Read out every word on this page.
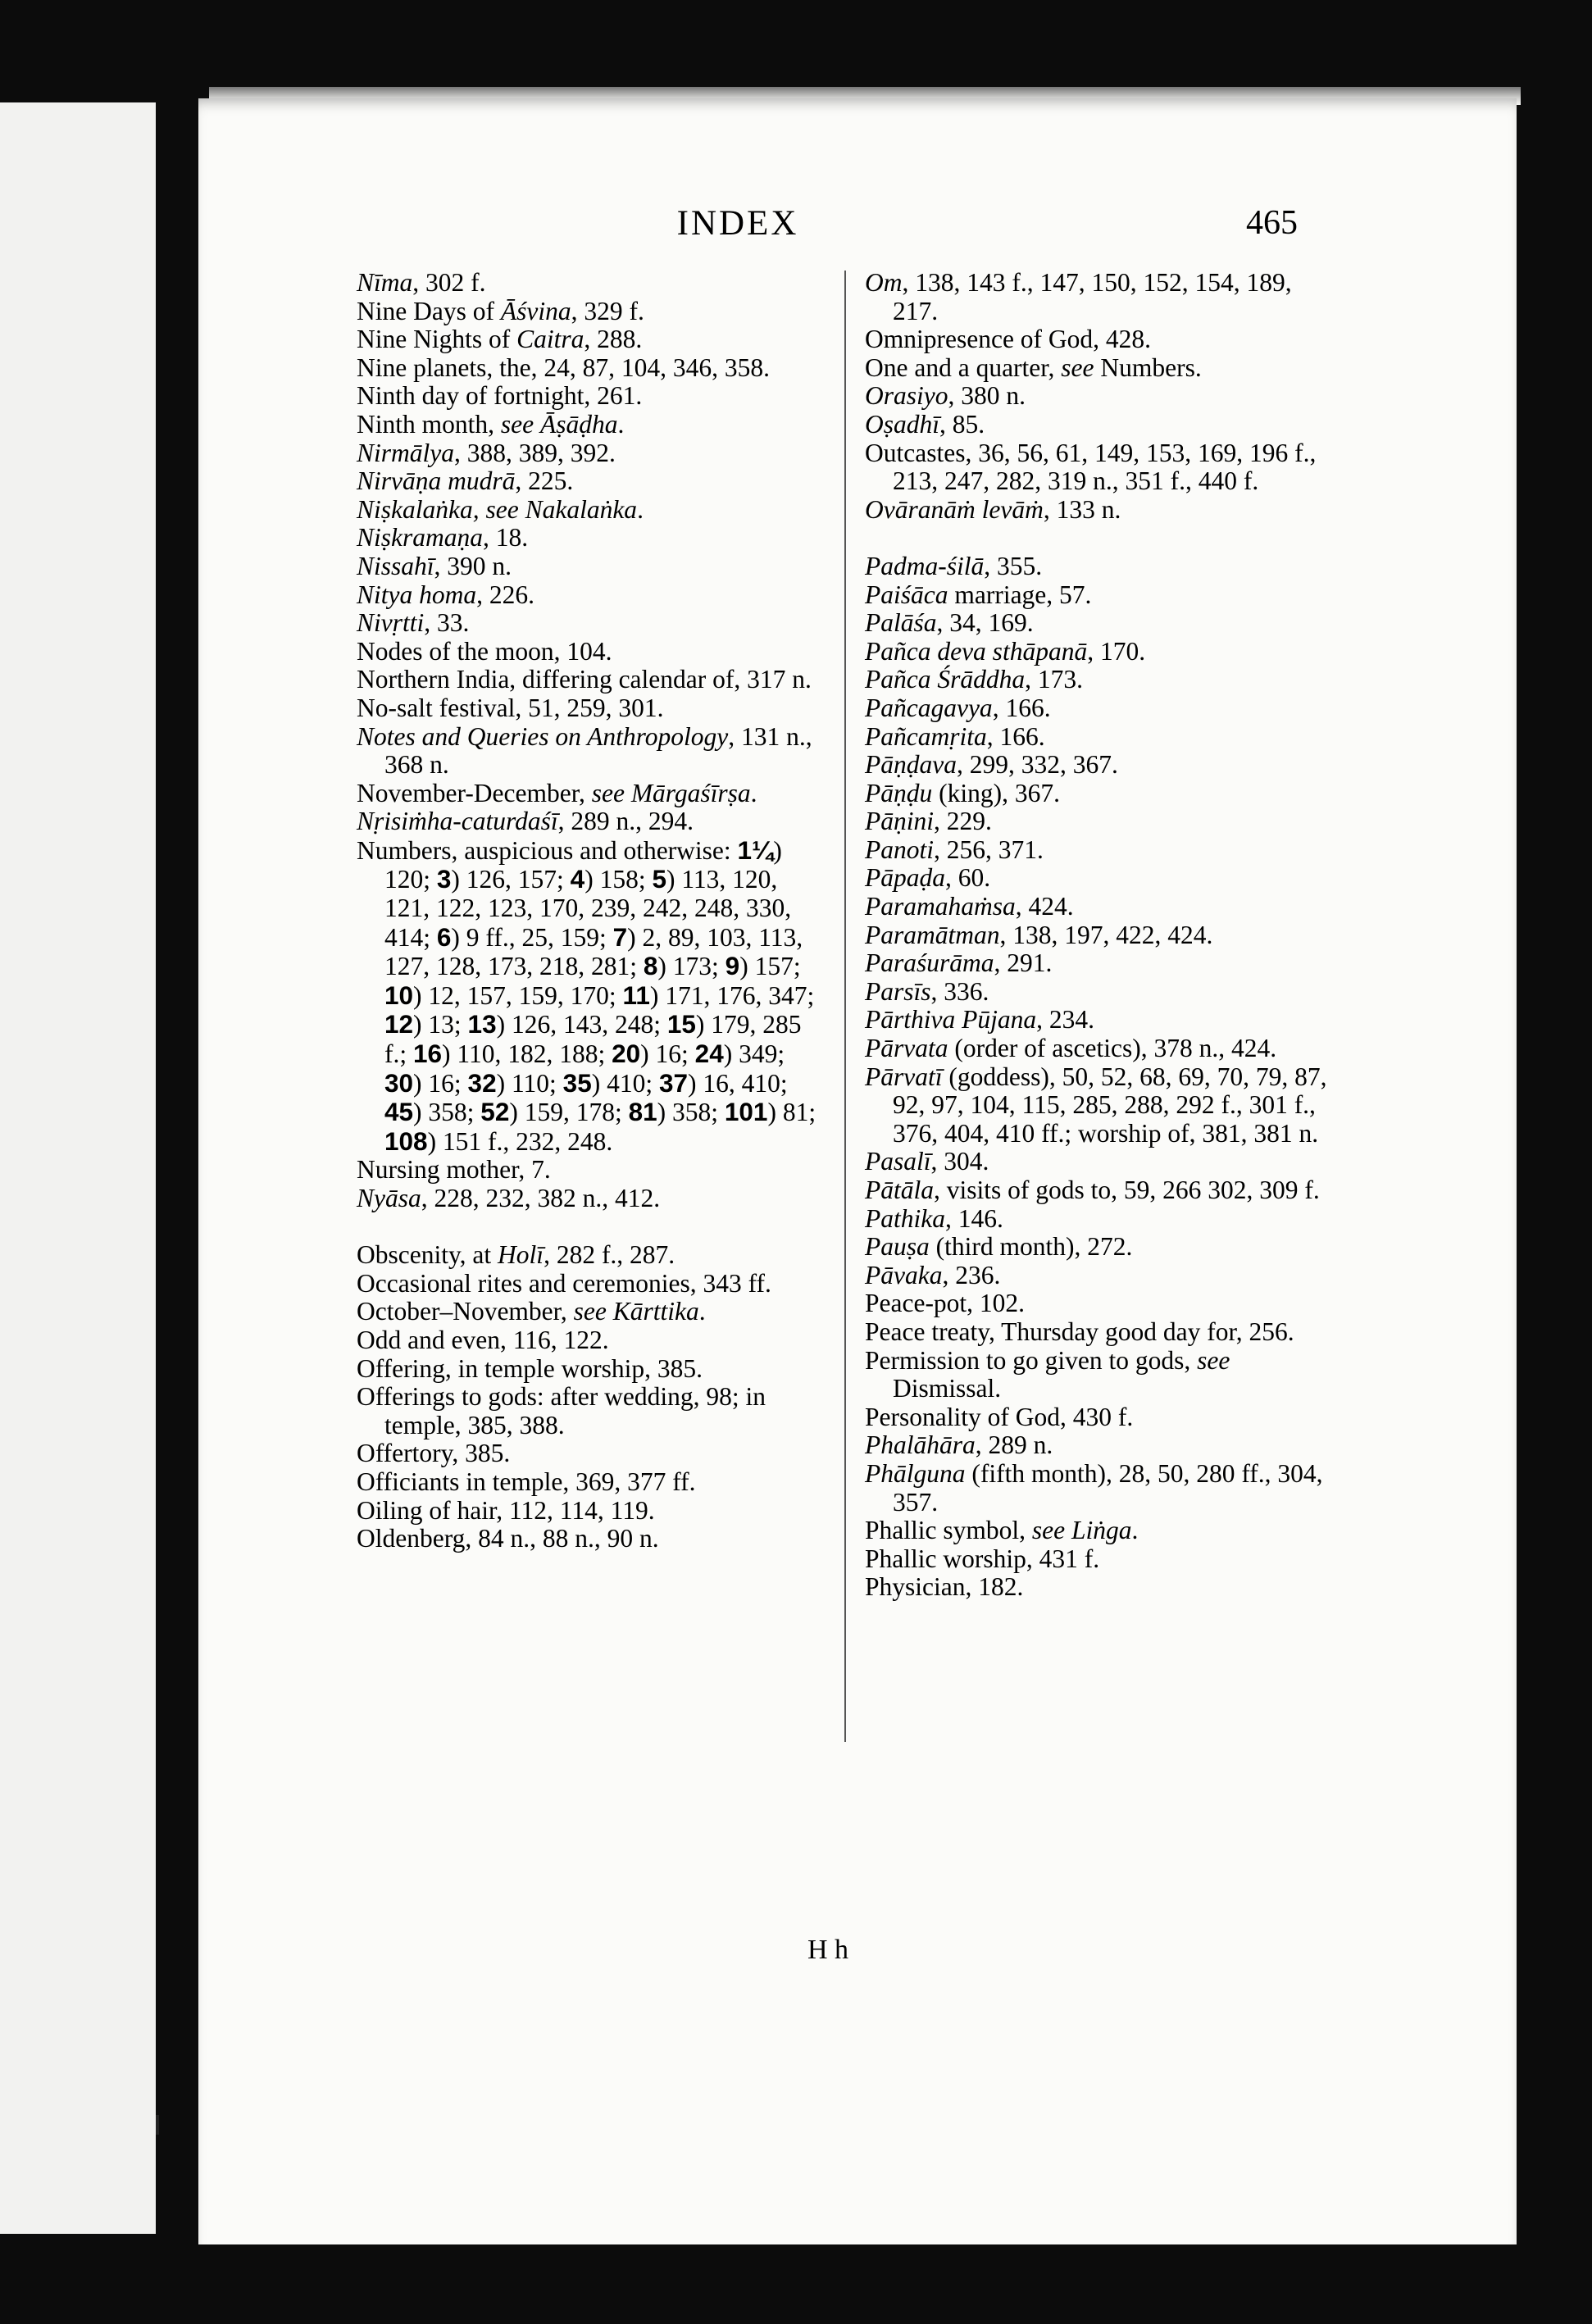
INDEX	465
Nīma, 302 f.
Nine Days of Āśvina, 329 f.
Nine Nights of Caitra, 288.
Nine planets, the, 24, 87, 104, 346, 358.
Ninth day of fortnight, 261.
Ninth month, see Āṣāḍha.
Nirmālya, 388, 389, 392.
Nirvāṇa mudrā, 225.
Niṣkalaṅka, see Nakalaṅka.
Niṣkramaṇa, 18.
Nissahī, 390 n.
Nitya homa, 226.
Nivṛtti, 33.
Nodes of the moon, 104.
Northern India, differing calendar of, 317 n.
No-salt festival, 51, 259, 301.
Notes and Queries on Anthropology, 131 n., 368 n.
November-December, see Mārgaśīrṣa.
Nṛisiṁha-caturdaśī, 289 n., 294.
Numbers, auspicious and otherwise: 1¼) 120; 3) 126, 157; 4) 158; 5) 113, 120, 121, 122, 123, 170, 239, 242, 248, 330, 414; 6) 9 ff., 25, 159; 7) 2, 89, 103, 113, 127, 128, 173, 218, 281; 8) 173; 9) 157; 10) 12, 157, 159, 170; 11) 171, 176, 347; 12) 13; 13) 126, 143, 248; 15) 179, 285 f.; 16) 110, 182, 188; 20) 16; 24) 349; 30) 16; 32) 110; 35) 410; 37) 16, 410; 45) 358; 52) 159, 178; 81) 358; 101) 81; 108) 151 f., 232, 248.
Nursing mother, 7.
Nyāsa, 228, 232, 382 n., 412.
Obscenity, at Holī, 282 f., 287.
Occasional rites and ceremonies, 343 ff.
October–November, see Kārttika.
Odd and even, 116, 122.
Offering, in temple worship, 385.
Offerings to gods: after wedding, 98; in temple, 385, 388.
Offertory, 385.
Officiants in temple, 369, 377 ff.
Oiling of hair, 112, 114, 119.
Oldenberg, 84 n., 88 n., 90 n.
Om, 138, 143 f., 147, 150, 152, 154, 189, 217.
Omnipresence of God, 428.
One and a quarter, see Numbers.
Orasiyo, 380 n.
Oṣadhī, 85.
Outcastes, 36, 56, 61, 149, 153, 169, 196 f., 213, 247, 282, 319 n., 351 f., 440 f.
Ovāranāṁ levāṁ, 133 n.
Padma-śilā, 355.
Paiśāca marriage, 57.
Palāśa, 34, 169.
Pañca deva sthāpanā, 170.
Pañca Śrāddha, 173.
Pañcagavya, 166.
Pañcamṛita, 166.
Pāṇḍava, 299, 332, 367.
Pāṇḍu (king), 367.
Pāṇini, 229.
Panoti, 256, 371.
Pāpaḍa, 60.
Paramahaṁsa, 424.
Paramātman, 138, 197, 422, 424.
Paraśurāma, 291.
Parsīs, 336.
Pārthiva Pūjana, 234.
Pārvata (order of ascetics), 378 n., 424.
Pārvatī (goddess), 50, 52, 68, 69, 70, 79, 87, 92, 97, 104, 115, 285, 288, 292 f., 301 f., 376, 404, 410 ff.; worship of, 381, 381 n.
Pasalī, 304.
Pātāla, visits of gods to, 59, 266 302, 309 f.
Pathika, 146.
Pauṣa (third month), 272.
Pāvaka, 236.
Peace-pot, 102.
Peace treaty, Thursday good day for, 256.
Permission to go given to gods, see Dismissal.
Personality of God, 430 f.
Phalāhāra, 289 n.
Phālguna (fifth month), 28, 50, 280 ff., 304, 357.
Phallic symbol, see Liṅga.
Phallic worship, 431 f.
Physician, 182.
H h
